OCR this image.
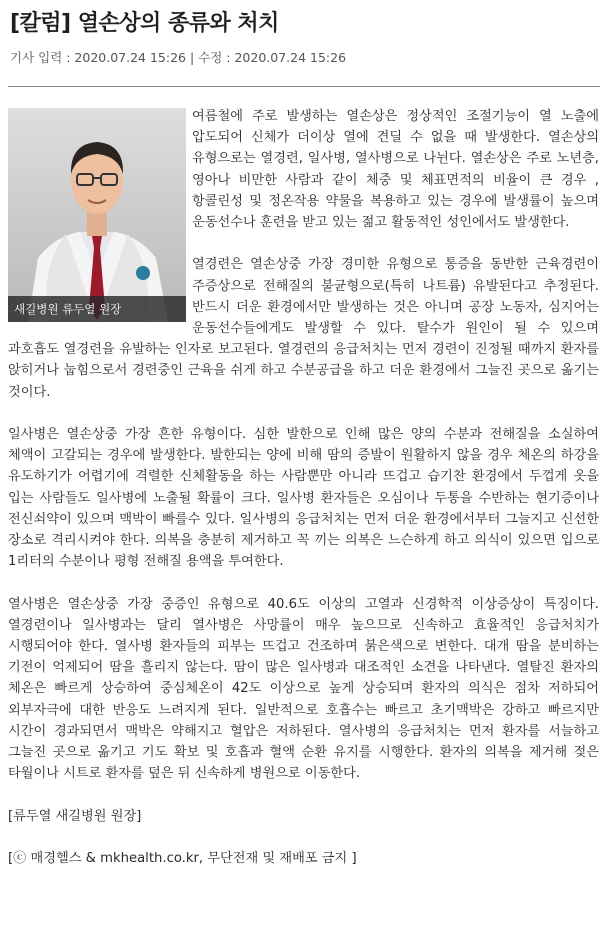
[칼럼] 열손상의 종류와 처치
기사 입력 : 2020.07.24 15:26 | 수정 : 2020.07.24 15:26
새길병원 류두열 원장

여름철에 주로 발생하는 열손상은 정상적인 조절기능이 열 노출에 압도되어 신체가 더이상 열에 견딜 수 없을 때 발생한다. 열손상의 유형으로는 열경련, 일사병, 열사병으로 나뉜다. 열손상은 주로 노년층, 영아나 비만한 사람과 같이 체중 및 체표면적의 비율이 큰 경우 ,항콜린성 및 정온작용 약물을 복용하고 있는 경우에 발생률이 높으며 운동선수나 훈련을 받고 있는 젊고 활동적인 성인에서도 발생한다.

열경련은 열손상중 가장 경미한 유형으로 통증을 동반한 근육경련이 주증상으로 전해질의 불균형으로(특히 나트륨) 유발된다고 추정된다. 반드시 더운 환경에서만 발생하는 것은 아니며 공장 노동자, 심지어는 운동선수들에게도 발생할 수 있다. 탈수가 원인이 될 수 있으며 과호흡도 열경련을 유발하는 인자로 보고된다. 열경련의 응급처치는 먼저 경련이 진정될 때까지 환자를 앉히거나 눕힘으로서 경련중인 근육을 쉬게 하고 수분공급을 하고 더운 환경에서 그늘진 곳으로 옮기는 것이다.

일사병은 열손상중 가장 흔한 유형이다. 심한 발한으로 인해 많은 양의 수분과 전해질을 소실하여 체액이 고갈되는 경우에 발생한다. 발한되는 양에 비해 땀의 증발이 원활하지 않을 경우 체온의 하강을 유도하기가 어렵기에 격렬한 신체활동을 하는 사람뿐만 아니라 뜨겁고 습기찬 환경에서 두껍게 옷을 입는 사람들도 일사병에 노출될 확률이 크다. 일사병 환자들은 오심이나 두통을 수반하는 현기증이나 전신쇠약이 있으며 맥박이 빠를수 있다. 일사병의 응급처치는 먼저 더운 환경에서부터 그늘지고 신선한 장소로 격리시켜야 한다. 의복을 충분히 제거하고 꼭 끼는 의복은 느슨하게 하고 의식이 있으면 입으로 1리터의 수분이나 평형 전해질 용액을 투여한다.

열사병은 열손상중 가장 중증인 유형으로 40.6도 이상의 고열과 신경학적 이상증상이 특징이다. 열경련이나 일사병과는 달리 열사병은 사망률이 매우 높으므로 신속하고 효율적인 응급처치가 시행되어야 한다. 열사병 환자들의 피부는 뜨겁고 건조하며 붉은색으로 변한다. 대개 땀을 분비하는 기전이 억제되어 땀을 흘리지 않는다. 땀이 많은 일사병과 대조적인 소견을 나타낸다. 열탈진 환자의 체온은 빠르게 상승하여 중심체온이 42도 이상으로 높게 상승되며 환자의 의식은 점차 저하되어 외부자극에 대한 반응도 느려지게 된다. 일반적으로 호흡수는 빠르고 초기맥박은 강하고 빠르지만 시간이 경과되면서 맥박은 약해지고 혈압은 저하된다. 열사병의 응급처치는 먼저 환자를 서늘하고 그늘진 곳으로 옮기고 기도 확보 및 호흡과 혈액 순환 유지를 시행한다. 환자의 의복을 제거해 젖은 타월이나 시트로 환자를 덮은 뒤 신속하게 병원으로 이동한다.

[류두열 새길병원 원장]

[ⓒ 매경헬스 & mkhealth.co.kr, 무단전재 및 재배포 금지 ]
